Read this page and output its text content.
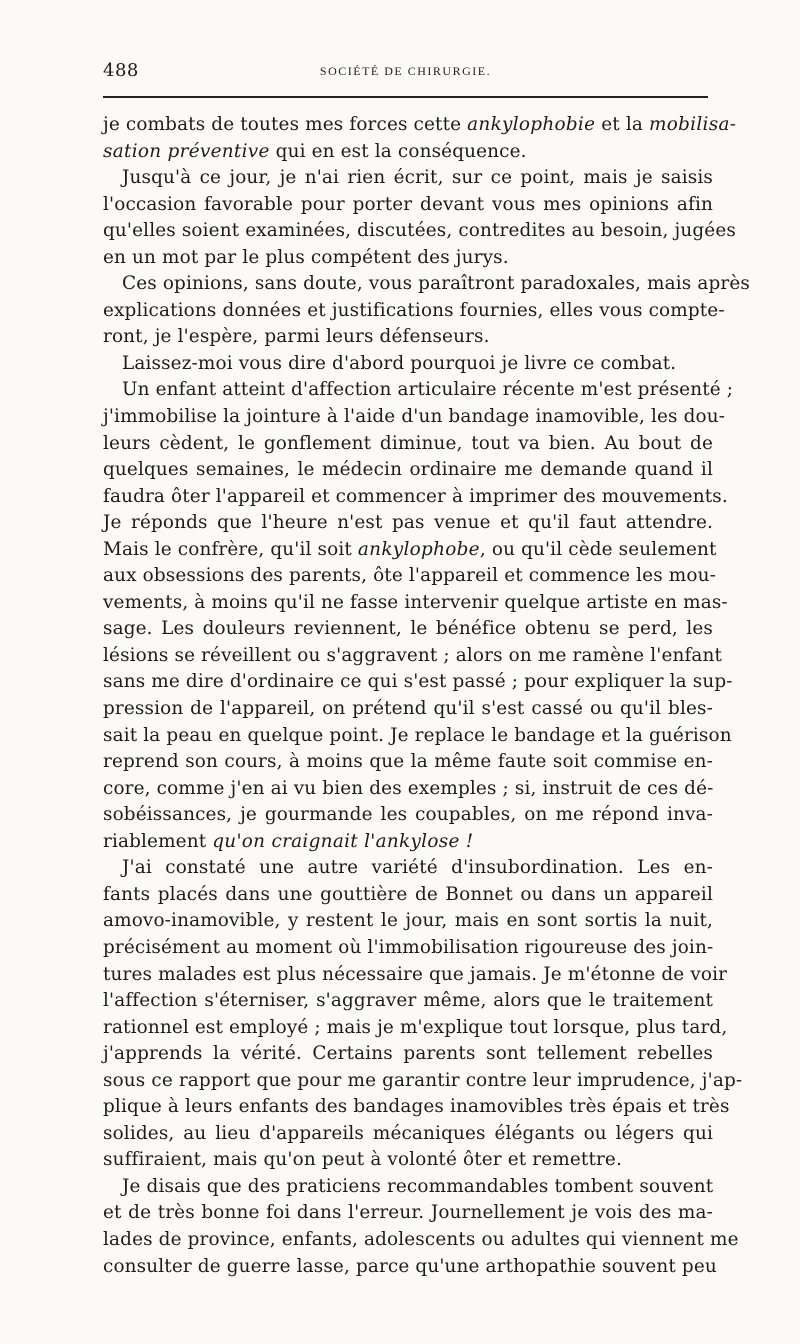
488	SOCIÉTÉ DE CHIRURGIE.
je combats de toutes mes forces cette ankylophobie et la mobilisa-
sation préventive qui en est la conséquence.
Jusqu'à ce jour, je n'ai rien écrit, sur ce point, mais je saisis
l'occasion favorable pour porter devant vous mes opinions afin
qu'elles soient examinées, discutées, contredites au besoin, jugées
en un mot par le plus compétent des jurys.
Ces opinions, sans doute, vous paraîtront paradoxales, mais après
explications données et justifications fournies, elles vous compte-
ront, je l'espère, parmi leurs défenseurs.
Laissez-moi vous dire d'abord pourquoi je livre ce combat.
Un enfant atteint d'affection articulaire récente m'est présenté ;
j'immobilise la jointure à l'aide d'un bandage inamovible, les dou-
leurs cèdent, le gonflement diminue, tout va bien. Au bout de
quelques semaines, le médecin ordinaire me demande quand il
faudra ôter l'appareil et commencer à imprimer des mouvements.
Je réponds que l'heure n'est pas venue et qu'il faut attendre.
Mais le confrère, qu'il soit ankylophobe, ou qu'il cède seulement
aux obsessions des parents, ôte l'appareil et commence les mou-
vements, à moins qu'il ne fasse intervenir quelque artiste en mas-
sage. Les douleurs reviennent, le bénéfice obtenu se perd, les
lésions se réveillent ou s'aggravent ; alors on me ramène l'enfant
sans me dire d'ordinaire ce qui s'est passé ; pour expliquer la sup-
pression de l'appareil, on prétend qu'il s'est cassé ou qu'il bles-
sait la peau en quelque point. Je replace le bandage et la guérison
reprend son cours, à moins que la même faute soit commise en-
core, comme j'en ai vu bien des exemples ; si, instruit de ces dé-
sobéissances, je gourmande les coupables, on me répond inva-
riablement qu'on craignait l'ankylose !
J'ai constaté une autre variété d'insubordination. Les en-
fants placés dans une gouttière de Bonnet ou dans un appareil
amovo-inamovible, y restent le jour, mais en sont sortis la nuit,
précisément au moment où l'immobilisation rigoureuse des join-
tures malades est plus nécessaire que jamais. Je m'étonne de voir
l'affection s'éterniser, s'aggraver même, alors que le traitement
rationnel est employé ; mais je m'explique tout lorsque, plus tard,
j'apprends la vérité. Certains parents sont tellement rebelles
sous ce rapport que pour me garantir contre leur imprudence, j'ap-
plique à leurs enfants des bandages inamovibles très épais et très
solides, au lieu d'appareils mécaniques élégants ou légers qui
suffiraient, mais qu'on peut à volonté ôter et remettre.
Je disais que des praticiens recommandables tombent souvent
et de très bonne foi dans l'erreur. Journellement je vois des ma-
lades de province, enfants, adolescents ou adultes qui viennent me
consulter de guerre lasse, parce qu'une arthopathie souvent peu
